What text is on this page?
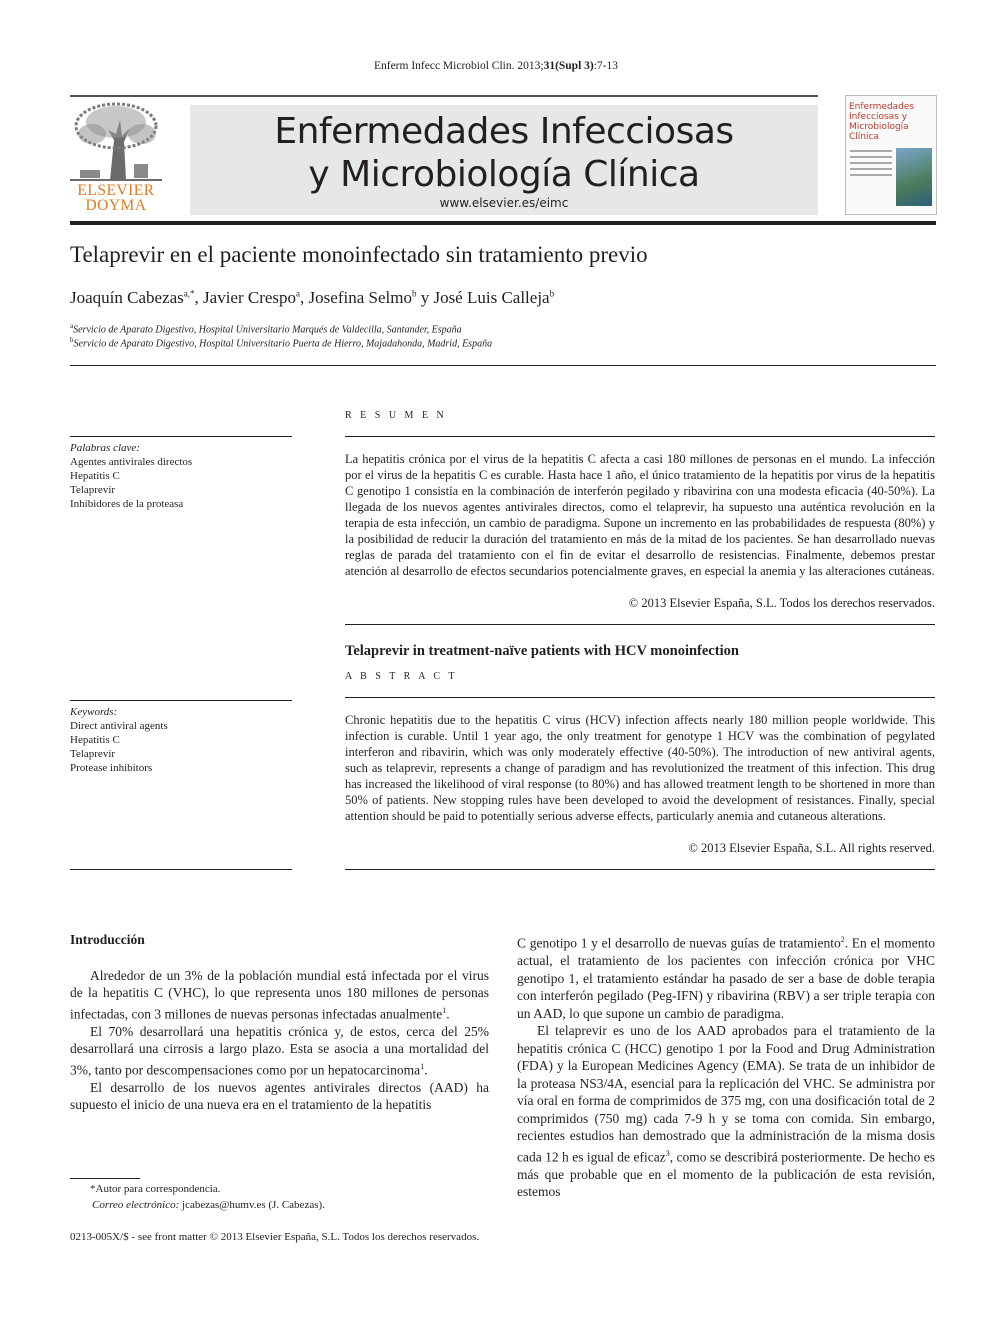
Enferm Infecc Microbiol Clin. 2013;31(Supl 3):7-13
ELSEVIER
DOYMA
Enfermedades Infecciosas
y Microbiología Clínica
www.elsevier.es/eimc
Enfermedades Infecciosas y Microbiología Clínica
Telaprevir en el paciente monoinfectado sin tratamiento previo
Joaquín Cabezas$^{a,*}$, Javier Crespo$^a$, Josefina Selmo$^b$ y José Luis Calleja$^b$
$^a$Servicio de Aparato Digestivo, Hospital Universitario Marqués de Valdecilla, Santander, España
$^b$Servicio de Aparato Digestivo, Hospital Universitario Puerta de Hierro, Majadahonda, Madrid, España
R E S U M E N
Palabras clave:
Agentes antivirales directos
Hepatitis C
Telaprevir
Inhibidores de la proteasa
La hepatitis crónica por el virus de la hepatitis C afecta a casi 180 millones de personas en el mundo. La infección por el virus de la hepatitis C es curable. Hasta hace 1 año, el único tratamiento de la hepatitis por virus de la hepatitis C genotipo 1 consistía en la combinación de interferón pegilado y ribavirina con una modesta eficacia (40-50%). La llegada de los nuevos agentes antivirales directos, como el telaprevir, ha supuesto una auténtica revolución en la terapia de esta infección, un cambio de paradigma. Supone un incremento en las probabilidades de respuesta (80%) y la posibilidad de reducir la duración del tratamiento en más de la mitad de los pacientes. Se han desarrollado nuevas reglas de parada del tratamiento con el fin de evitar el desarrollo de resistencias. Finalmente, debemos prestar atención al desarrollo de efectos secundarios potencialmente graves, en especial la anemia y las alteraciones cutáneas.
© 2013 Elsevier España, S.L. Todos los derechos reservados.
Telaprevir in treatment-naïve patients with HCV monoinfection
A B S T R A C T
Keywords:
Direct antiviral agents
Hepatitis C
Telaprevir
Protease inhibitors
Chronic hepatitis due to the hepatitis C virus (HCV) infection affects nearly 180 million people worldwide. This infection is curable. Until 1 year ago, the only treatment for genotype 1 HCV was the combination of pegylated interferon and ribavirin, which was only moderately effective (40-50%). The introduction of new antiviral agents, such as telaprevir, represents a change of paradigm and has revolutionized the treatment of this infection. This drug has increased the likelihood of viral response (to 80%) and has allowed treatment length to be shortened in more than 50% of patients. New stopping rules have been developed to avoid the development of resistances. Finally, special attention should be paid to potentially serious adverse effects, particularly anemia and cutaneous alterations.
© 2013 Elsevier España, S.L. All rights reserved.
Introducción

Alrededor de un 3% de la población mundial está infectada por el virus de la hepatitis C (VHC), lo que representa unos 180 millones de personas infectadas, con 3 millones de nuevas personas infectadas anualmente$^1$.

El 70% desarrollará una hepatitis crónica y, de estos, cerca del 25% desarrollará una cirrosis a largo plazo. Esta se asocia a una mortalidad del 3%, tanto por descompensaciones como por un hepatocarcinoma$^1$.

El desarrollo de los nuevos agentes antivirales directos (AAD) ha supuesto el inicio de una nueva era en el tratamiento de la hepatitis

C genotipo 1 y el desarrollo de nuevas guías de tratamiento$^2$. En el momento actual, el tratamiento de los pacientes con infección crónica por VHC genotipo 1, el tratamiento estándar ha pasado de ser a base de doble terapia con interferón pegilado (Peg-IFN) y ribavirina (RBV) a ser triple terapia con un AAD, lo que supone un cambio de paradigma.

El telaprevir es uno de los AAD aprobados para el tratamiento de la hepatitis crónica C (HCC) genotipo 1 por la Food and Drug Administration (FDA) y la European Medicines Agency (EMA). Se trata de un inhibidor de la proteasa NS3/4A, esencial para la replicación del VHC. Se administra por vía oral en forma de comprimidos de 375 mg, con una dosificación total de 2 comprimidos (750 mg) cada 7-9 h y se toma con comida. Sin embargo, recientes estudios han demostrado que la administración de la misma dosis cada 12 h es igual de eficaz$^3$, como se describirá posteriormente. De hecho es más que probable que en el momento de la publicación de esta revisión, estemos

*Autor para correspondencia.
Correo electrónico: jcabezas@humv.es (J. Cabezas).
0213-005X/$ - see front matter © 2013 Elsevier España, S.L. Todos los derechos reservados.
